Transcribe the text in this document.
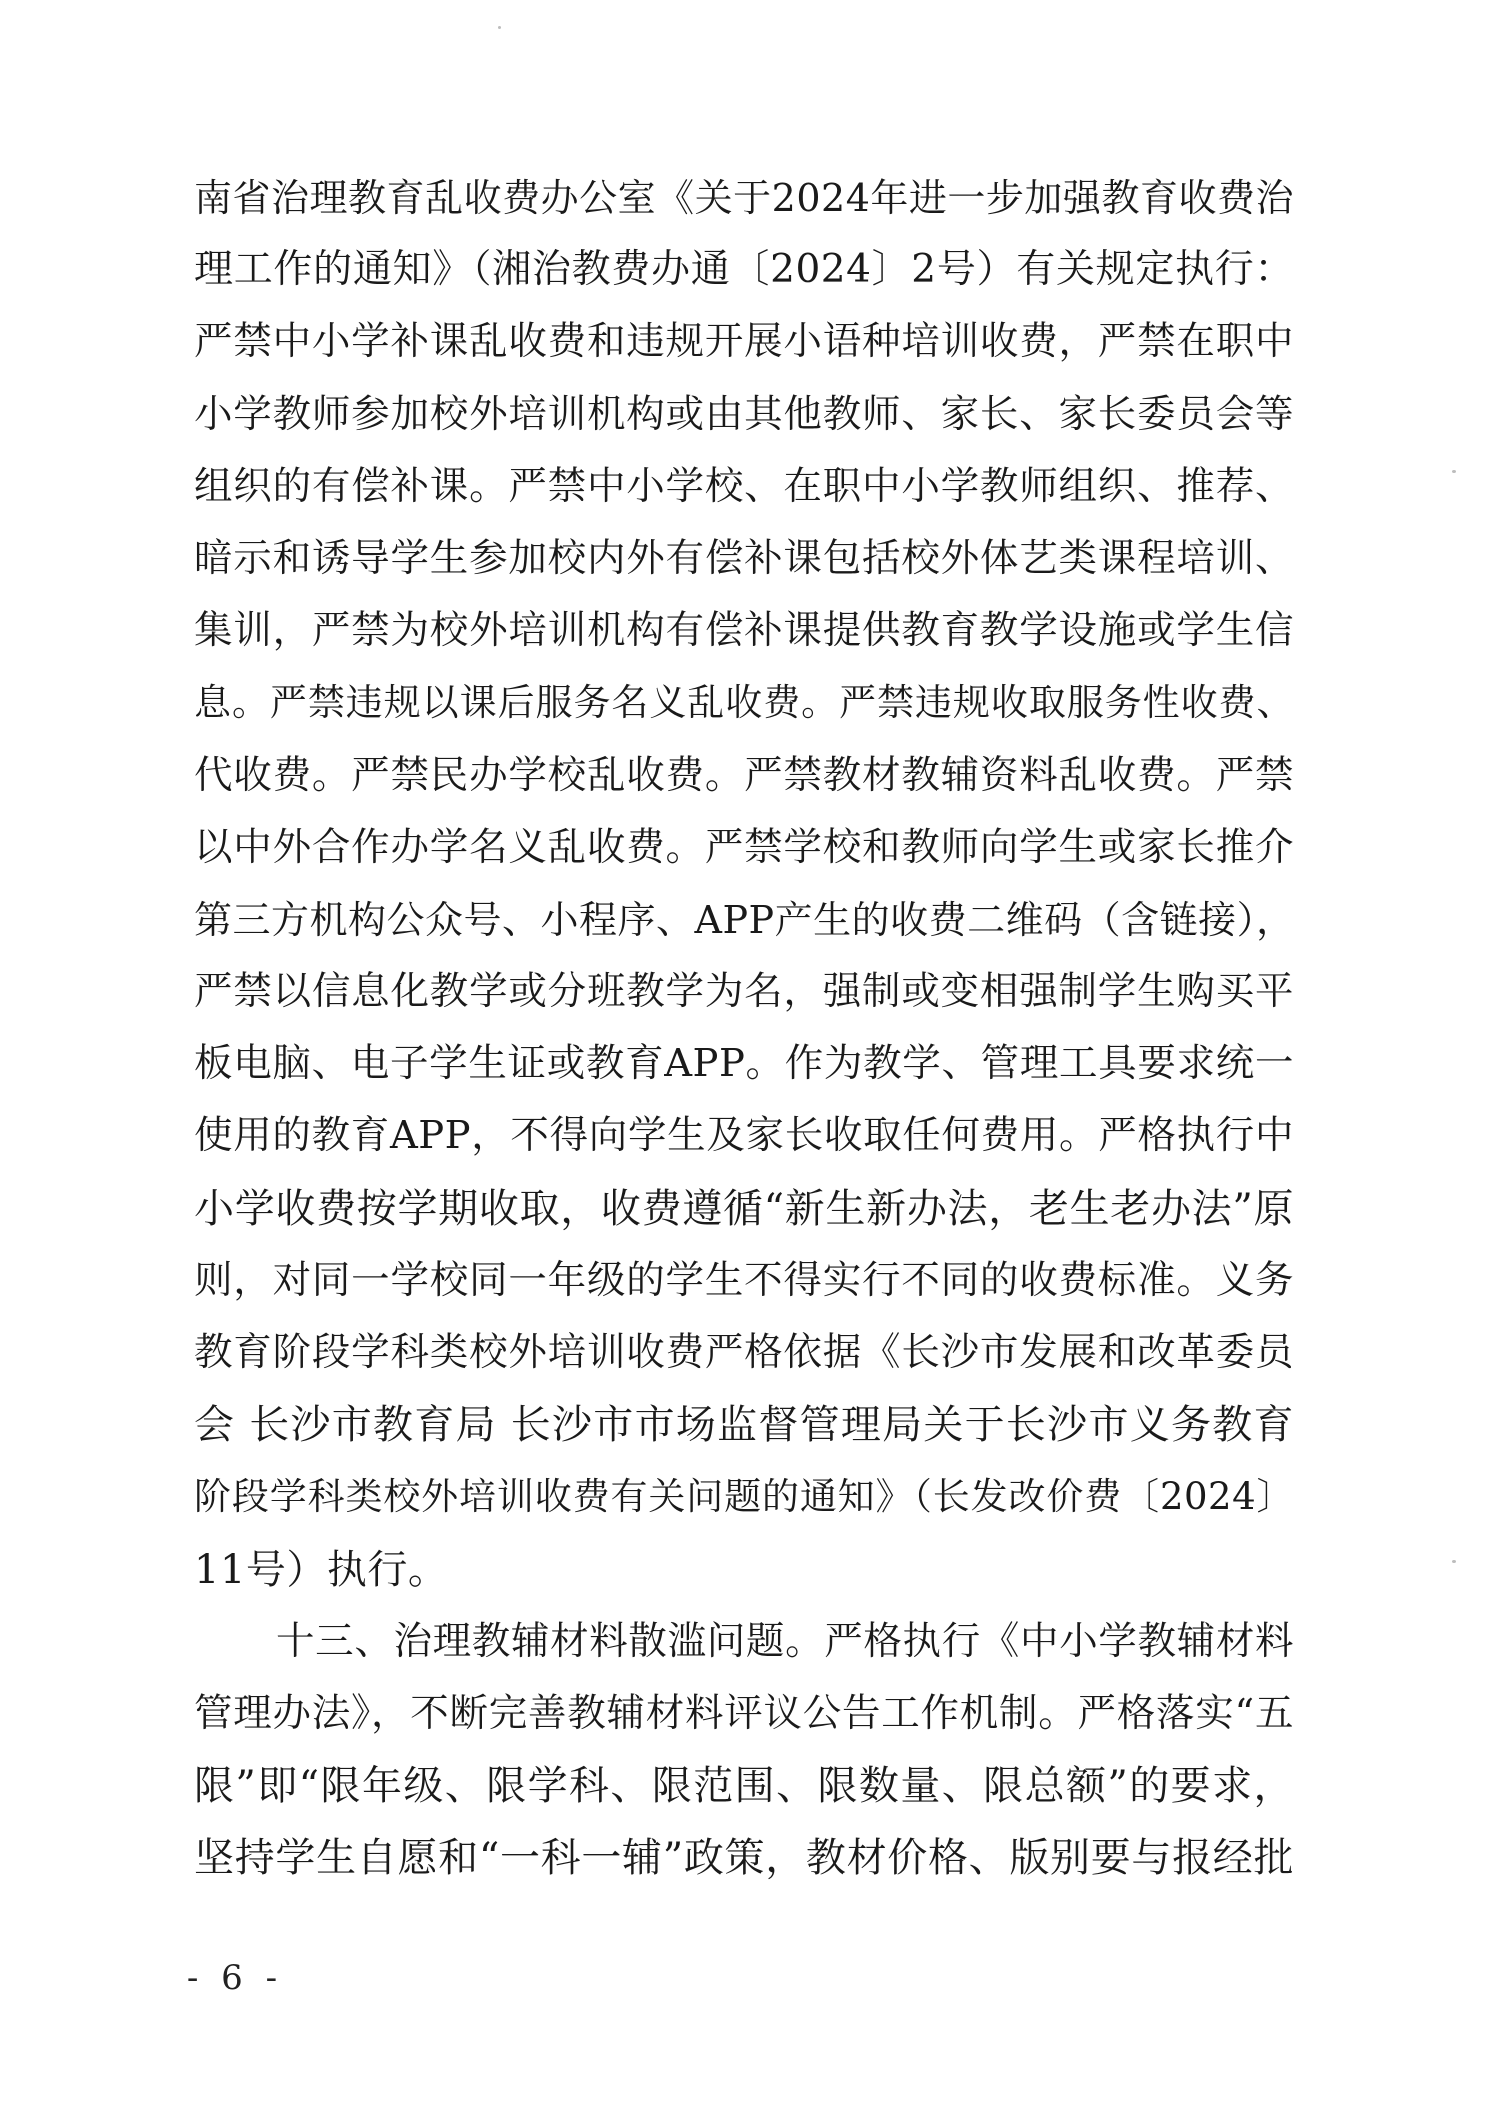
南省治理教育乱收费办公室《关于2024年进一步加强教育收费治
理工作的通知》（湘治教费办通〔2024〕2号）有关规定执行：
严禁中小学补课乱收费和违规开展小语种培训收费，严禁在职中
小学教师参加校外培训机构或由其他教师、家长、家长委员会等
组织的有偿补课。严禁中小学校、在职中小学教师组织、推荐、
暗示和诱导学生参加校内外有偿补课包括校外体艺类课程培训、
集训，严禁为校外培训机构有偿补课提供教育教学设施或学生信
息。严禁违规以课后服务名义乱收费。严禁违规收取服务性收费、
代收费。严禁民办学校乱收费。严禁教材教辅资料乱收费。严禁
以中外合作办学名义乱收费。严禁学校和教师向学生或家长推介
第三方机构公众号、小程序、APP产生的收费二维码（含链接），
严禁以信息化教学或分班教学为名，强制或变相强制学生购买平
板电脑、电子学生证或教育APP。作为教学、管理工具要求统一
使用的教育APP，不得向学生及家长收取任何费用。严格执行中
小学收费按学期收取，收费遵循“新生新办法，老生老办法”原
则，对同一学校同一年级的学生不得实行不同的收费标准。义务
教育阶段学科类校外培训收费严格依据《长沙市发展和改革委员
会 长沙市教育局 长沙市市场监督管理局关于长沙市义务教育
阶段学科类校外培训收费有关问题的通知》（长发改价费〔2024〕
11号）执行。
十三、治理教辅材料散滥问题。严格执行《中小学教辅材料
管理办法》，不断完善教辅材料评议公告工作机制。严格落实“五
限”即“限年级、限学科、限范围、限数量、限总额”的要求，
坚持学生自愿和“一科一辅”政策，教材价格、版别要与报经批
- 6 -
